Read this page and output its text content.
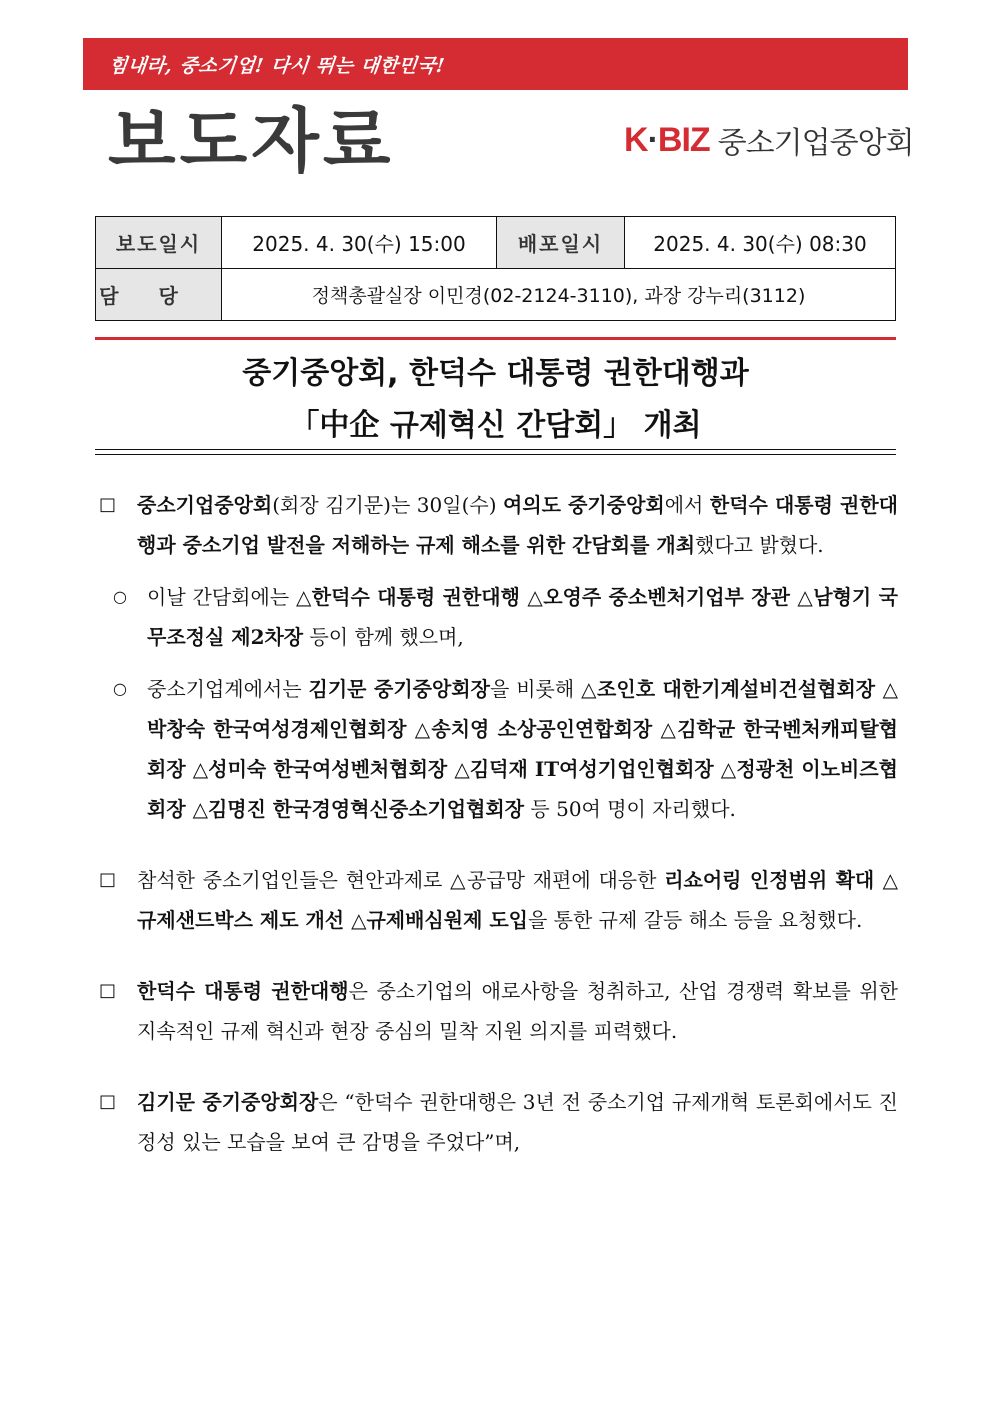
힘내라, 중소기업! 다시 뛰는 대한민국!
보도자료	K·BIZ 중소기업중앙회
보도일시	2025. 4. 30(수) 15:00	배포일시	2025. 4. 30(수) 08:30
담당	정책총괄실장 이민경(02-2124-3110), 과장 강누리(3112)		
중기중앙회, 한덕수 대통령 권한대행과
「中企 규제혁신 간담회」 개최
□ 중소기업중앙회(회장 김기문)는 30일(수) 여의도 중기중앙회에서 한덕수 대통령 권한대행과 중소기업 발전을 저해하는 규제 해소를 위한 간담회를 개최했다고 밝혔다.
○ 이날 간담회에는 △한덕수 대통령 권한대행 △오영주 중소벤처기업부 장관 △남형기 국무조정실 제2차장 등이 함께 했으며,
○ 중소기업계에서는 김기문 중기중앙회장을 비롯해 △조인호 대한기계설비건설협회장 △박창숙 한국여성경제인협회장 △송치영 소상공인연합회장 △김학균 한국벤처캐피탈협회장 △성미숙 한국여성벤처협회장 △김덕재 IT여성기업인협회장 △정광천 이노비즈협회장 △김명진 한국경영혁신중소기업협회장 등 50여 명이 자리했다.
□ 참석한 중소기업인들은 현안과제로 △공급망 재편에 대응한 리쇼어링 인정범위 확대 △규제샌드박스 제도 개선 △규제배심원제 도입을 통한 규제 갈등 해소 등을 요청했다.
□ 한덕수 대통령 권한대행은 중소기업의 애로사항을 청취하고, 산업 경쟁력 확보를 위한 지속적인 규제 혁신과 현장 중심의 밀착 지원 의지를 피력했다.
□ 김기문 중기중앙회장은 “한덕수 권한대행은 3년 전 중소기업 규제개혁 토론회에서도 진정성 있는 모습을 보여 큰 감명을 주었다”며,
